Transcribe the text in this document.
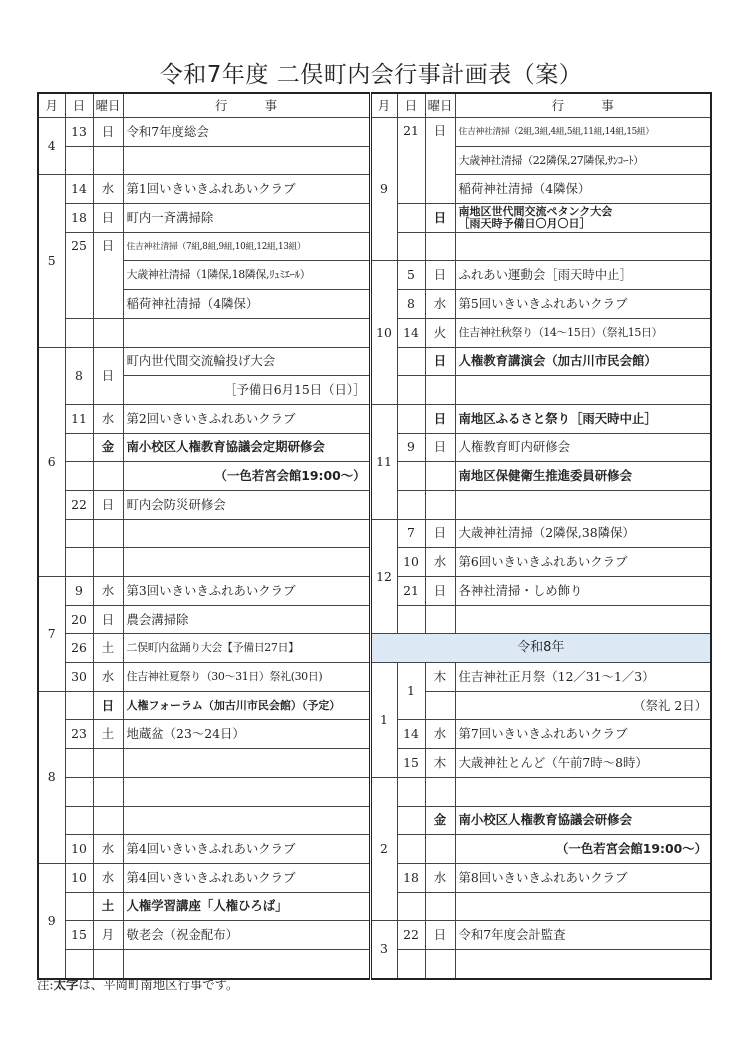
令和7年度 二俣町内会行事計画表（案）
月	日	曜日	行　　　事	月	日	曜日	行　　　事
4	13	日	令和7年度総会	9	21	日	住吉神社清掃（2組,3組,4組,5組,11組,14組,15組）
							大歳神社清掃（22隣保,27隣保,ｻﾝｺｰﾄ）
5	14	水	第1回いきいきふれあいクラブ				稲荷神社清掃（4隣保）
	18	日	町内一斉溝掃除			日	南地区世代間交流ペタンク大会
［雨天時予備日〇月〇日］

	25	日	住吉神社清掃（7組,8組,9組,10組,12組,13組）				
			大歳神社清掃（1隣保,18隣保,ﾘｭﾐｴｰﾙ）	10	5	日	ふれあい運動会［雨天時中止］
			稲荷神社清掃（4隣保）		8	水	第5回いきいきふれあいクラブ
					14	火	住吉神社秋祭り（14～15日）（祭礼15日）
6	8	日	町内世代間交流輪投げ大会			日	人権教育講演会（加古川市民会館）
			［予備日6月15日（日）］				
	11	水	第2回いきいきふれあいクラブ	11		日	南地区ふるさと祭り［雨天時中止］
		金	南小校区人権教育協議会定期研修会		9	日	人権教育町内研修会
			（一色若宮会館19:00～）				南地区保健衛生推進委員研修会
	22	日	町内会防災研修会				
				12	7	日	大歳神社清掃（2隣保,38隣保）
					10	水	第6回いきいきふれあいクラブ
7	9	水	第3回いきいきふれあいクラブ		21	日	各神社清掃・しめ飾り
	20	日	農会溝掃除				
	26	土	二俣町内盆踊り大会【予備日27日】	令和8年			
	30	水	住吉神社夏祭り（30～31日）祭礼(30日)	1	1	木	住吉神社正月祭（12／31～1／3）
8		日	人権フォーラム（加古川市民会館）（予定）				（祭礼 2日）
	23	土	地蔵盆（23～24日）		14	水	第7回いきいきふれあいクラブ
					15	木	大歳神社とんど（午前7時～8時）
				2			
						金	南小校区人権教育協議会研修会
	10	水	第4回いきいきふれあいクラブ				（一色若宮会館19:00～）
9	10	水	第4回いきいきふれあいクラブ		18	水	第8回いきいきふれあいクラブ
		土	人権学習講座「人権ひろば」				
	15	月	敬老会（祝金配布）	3	22	日	令和7年度会計監査

注:太字は、平岡町南地区行事です。
